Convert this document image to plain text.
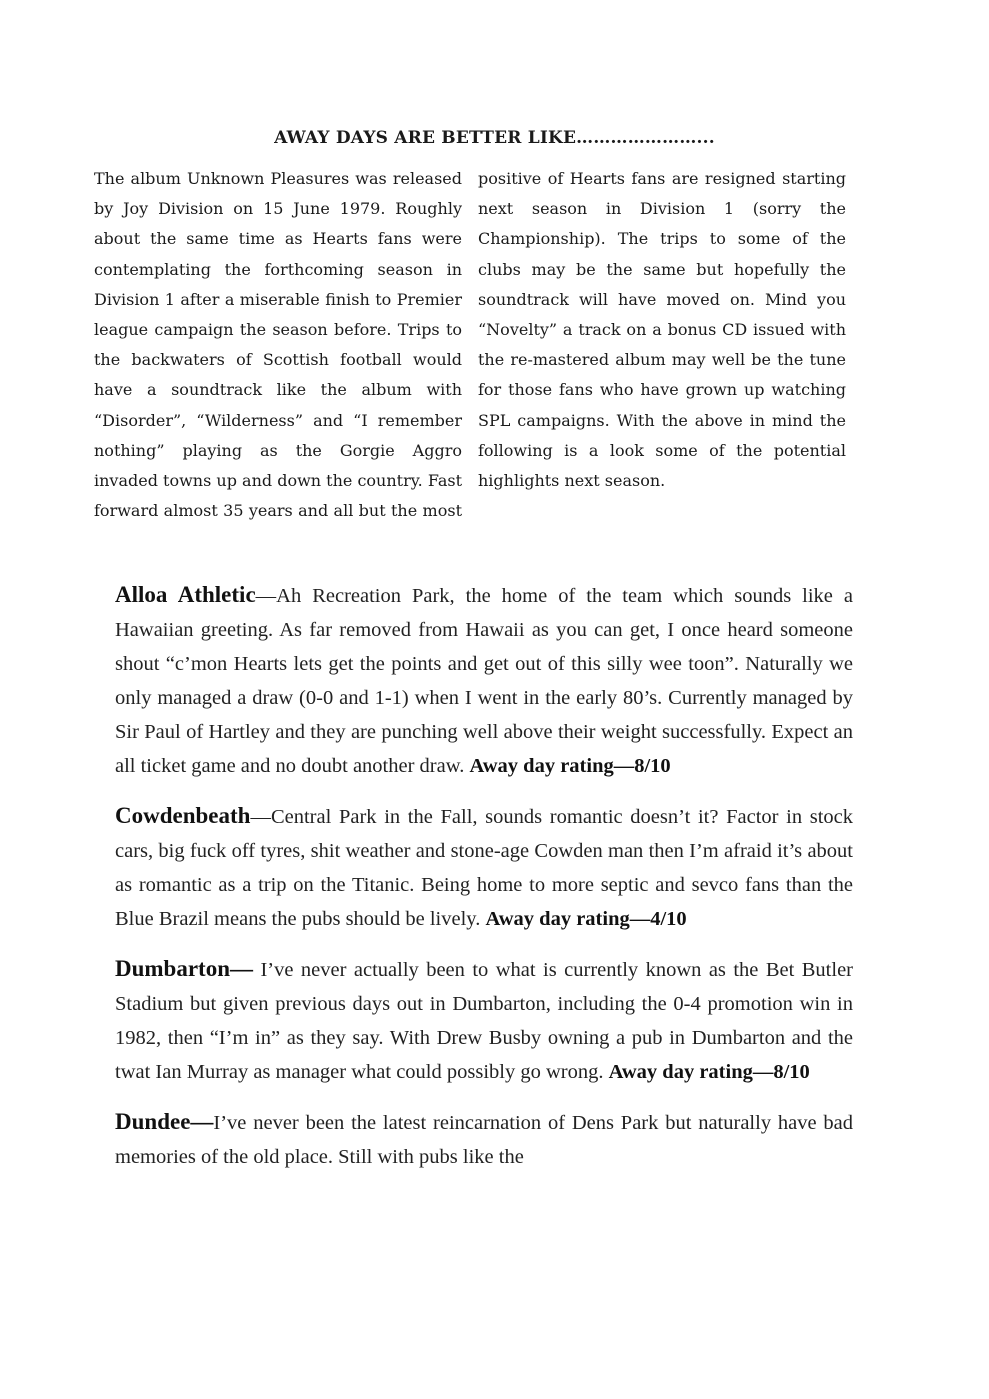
AWAY DAYS ARE BETTER LIKE…………………...

The album Unknown Pleasures was released by Joy Division on 15 June 1979. Roughly about the same time as Hearts fans were contemplating the forthcoming season in Division 1 after a miserable finish to Premier league campaign the season before. Trips to the backwaters of Scottish football would have a soundtrack like the album with “Disorder”, “Wilderness” and “I remember nothing” playing as the Gorgie Aggro invaded towns up and down the country. Fast forward almost 35 years and all but the most positive of Hearts fans are resigned starting next season in Division 1 (sorry the Championship). The trips to some of the clubs may be the same but hopefully the soundtrack will have moved on. Mind you “Novelty” a track on a bonus CD issued with the re-mastered album may well be the tune for those fans who have grown up watching SPL campaigns. With the above in mind the following is a look some of the potential highlights next season.

Alloa Athletic—Ah Recreation Park, the home of the team which sounds like a Hawaiian greeting. As far removed from Hawaii as you can get, I once heard someone shout “c’mon Hearts lets get the points and get out of this silly wee toon”. Naturally we only managed a draw (0-0 and 1-1) when I went in the early 80’s. Currently managed by Sir Paul of Hartley and they are punching well above their weight successfully. Expect an all ticket game and no doubt another draw. Away day rating—8/10

Cowdenbeath—Central Park in the Fall, sounds romantic doesn’t it? Factor in stock cars, big fuck off tyres, shit weather and stone-age Cowden man then I’m afraid it’s about as romantic as a trip on the Titanic. Being home to more septic and sevco fans than the Blue Brazil means the pubs should be lively. Away day rating—4/10

Dumbarton— I’ve never actually been to what is currently known as the Bet Butler Stadium but given previous days out in Dumbarton, including the 0-4 promotion win in 1982, then “I’m in” as they say. With Drew Busby owning a pub in Dumbarton and the twat Ian Murray as manager what could possibly go wrong. Away day rating—8/10

Dundee—I’ve never been the latest reincarnation of Dens Park but naturally have bad memories of the old place. Still with pubs like the
